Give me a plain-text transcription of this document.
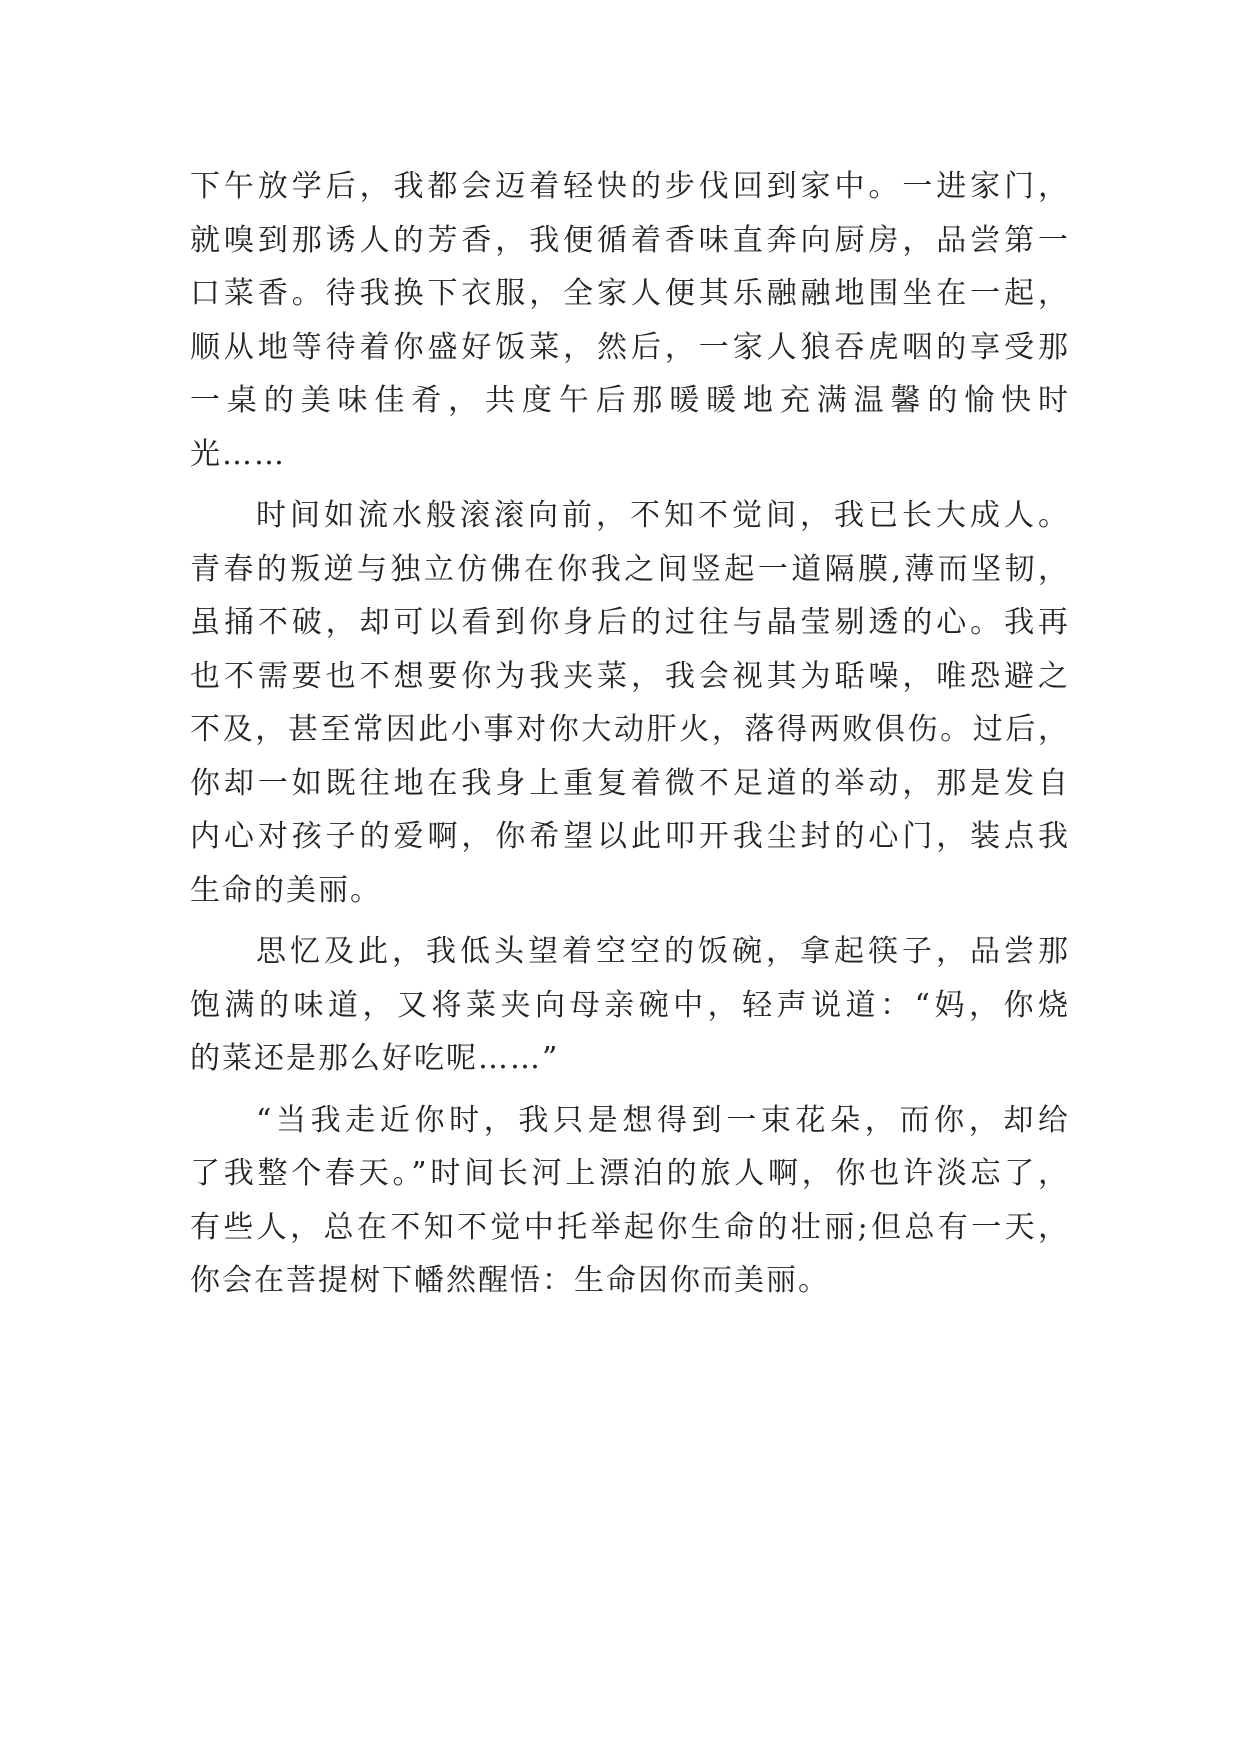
下午放学后，我都会迈着轻快的步伐回到家中。一进家门，
就嗅到那诱人的芳香，我便循着香味直奔向厨房，品尝第一
口菜香。待我换下衣服，全家人便其乐融融地围坐在一起，
顺从地等待着你盛好饭菜，然后，一家人狼吞虎咽的享受那
一桌的美味佳肴，共度午后那暖暖地充满温馨的愉快时
光……
时间如流水般滚滚向前，不知不觉间，我已长大成人。
青春的叛逆与独立仿佛在你我之间竖起一道隔膜,薄而坚韧，
虽捅不破，却可以看到你身后的过往与晶莹剔透的心。我再
也不需要也不想要你为我夹菜，我会视其为聒噪，唯恐避之
不及，甚至常因此小事对你大动肝火，落得两败俱伤。过后，
你却一如既往地在我身上重复着微不足道的举动，那是发自
内心对孩子的爱啊，你希望以此叩开我尘封的心门，装点我
生命的美丽。
思忆及此，我低头望着空空的饭碗，拿起筷子，品尝那
饱满的味道，又将菜夹向母亲碗中，轻声说道：“妈，你烧
的菜还是那么好吃呢……”
“当我走近你时，我只是想得到一束花朵，而你，却给
了我整个春天。”时间长河上漂泊的旅人啊，你也许淡忘了，
有些人，总在不知不觉中托举起你生命的壮丽;但总有一天，
你会在菩提树下幡然醒悟：生命因你而美丽。
